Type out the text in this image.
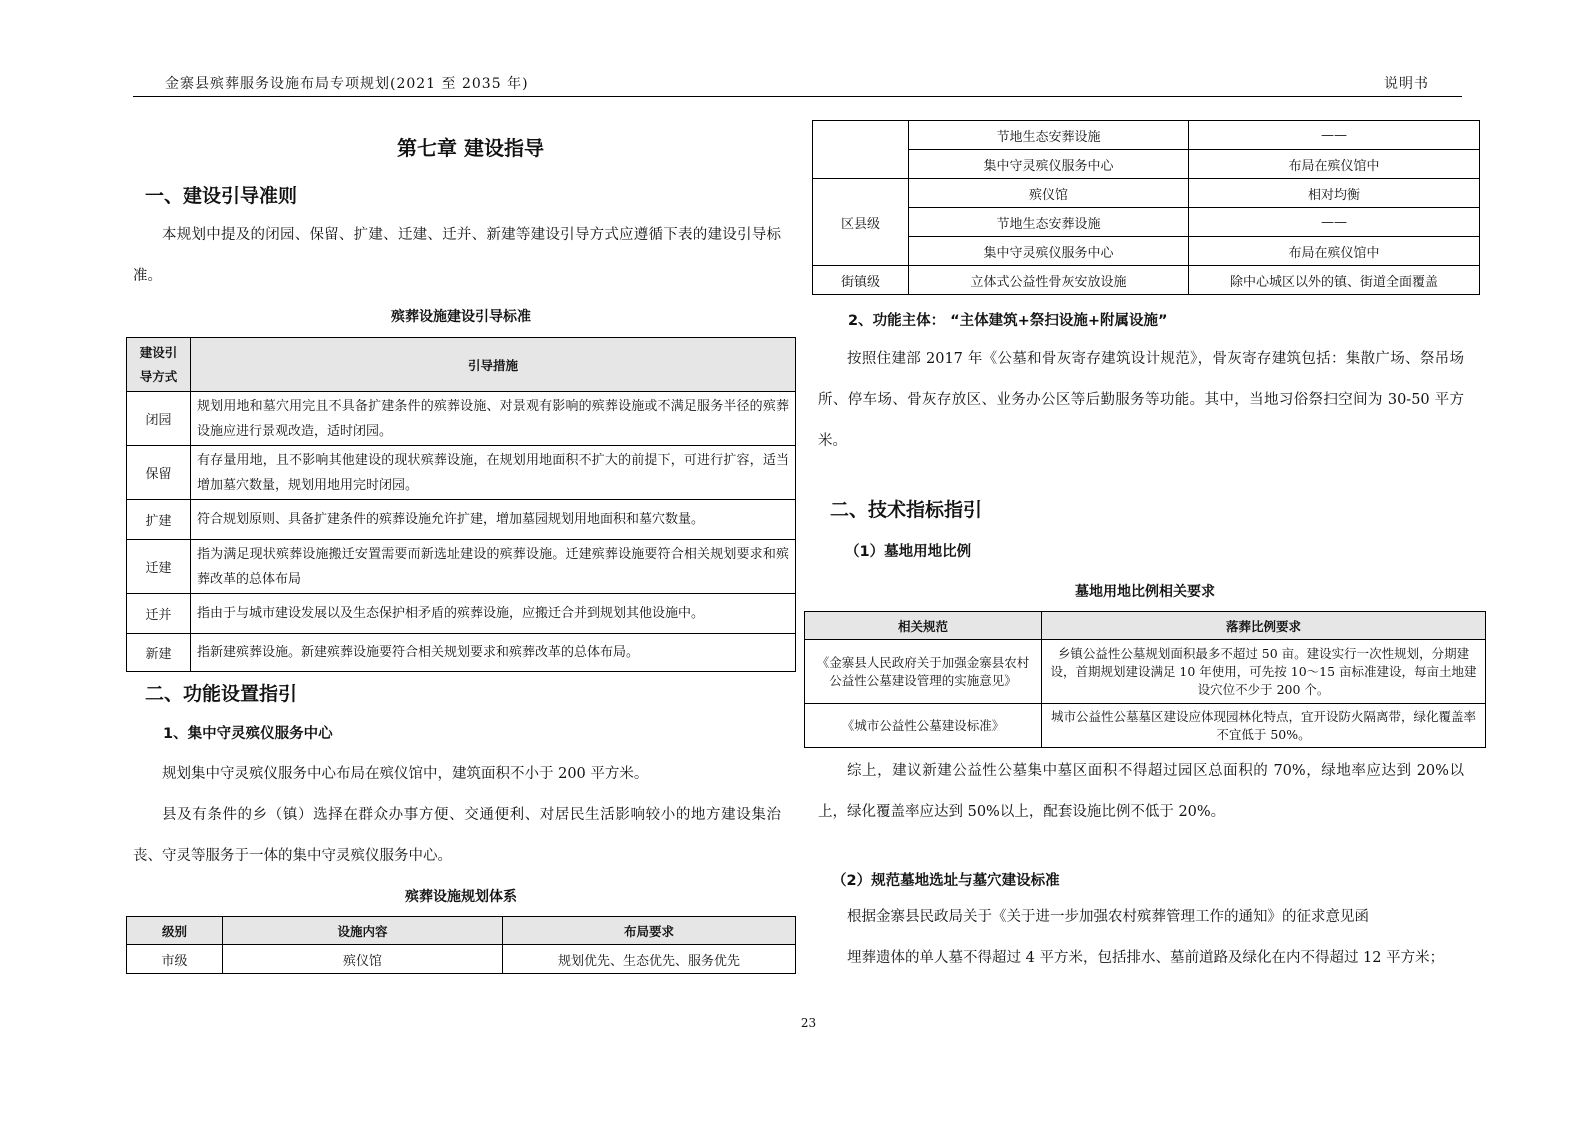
金寨县殡葬服务设施布局专项规划(2021 至 2035 年)	说明书
第七章 建设指导
一、建设引导准则
本规划中提及的闭园、保留、扩建、迁建、迁并、新建等建设引导方式应遵循下表的建设引导标准。
殡葬设施建设引导标准
建设引
导方式	引导措施
闭园	规划用地和墓穴用完且不具备扩建条件的殡葬设施、对景观有影响的殡葬设施或不满足服务半径的殡葬设施应进行景观改造，适时闭园。
保留	有存量用地，且不影响其他建设的现状殡葬设施，在规划用地面积不扩大的前提下，可进行扩容，适当增加墓穴数量，规划用地用完时闭园。
扩建	符合规划原则、具备扩建条件的殡葬设施允许扩建，增加墓园规划用地面积和墓穴数量。
迁建	指为满足现状殡葬设施搬迁安置需要而新选址建设的殡葬设施。迁建殡葬设施要符合相关规划要求和殡葬改革的总体布局
迁并	指由于与城市建设发展以及生态保护相矛盾的殡葬设施，应搬迁合并到规划其他设施中。
新建	指新建殡葬设施。新建殡葬设施要符合相关规划要求和殡葬改革的总体布局。
二、功能设置指引
1、集中守灵殡仪服务中心
规划集中守灵殡仪服务中心布局在殡仪馆中，建筑面积不小于 200 平方米。
县及有条件的乡（镇）选择在群众办事方便、交通便利、对居民生活影响较小的地方建设集治丧、守灵等服务于一体的集中守灵殡仪服务中心。
殡葬设施规划体系
级别	设施内容	布局要求
市级	殡仪馆	规划优先、生态优先、服务优先
	节地生态安葬设施	——
	集中守灵殡仪服务中心	布局在殡仪馆中
区县级	殡仪馆	相对均衡
	节地生态安葬设施	——
	集中守灵殡仪服务中心	布局在殡仪馆中
街镇级	立体式公益性骨灰安放设施	除中心城区以外的镇、街道全面覆盖
2、功能主体： “主体建筑+祭扫设施+附属设施”
按照住建部 2017 年《公墓和骨灰寄存建筑设计规范》，骨灰寄存建筑包括：集散广场、祭吊场所、停车场、骨灰存放区、业务办公区等后勤服务等功能。其中，当地习俗祭扫空间为 30-50 平方米。
二、技术指标指引
（1）墓地用地比例
墓地用地比例相关要求
相关规范	落葬比例要求
《金寨县人民政府关于加强金寨县农村公益性公墓建设管理的实施意见》	乡镇公益性公墓规划面积最多不超过 50 亩。建设实行一次性规划，分期建设，首期规划建设满足 10 年使用，可先按 10～15 亩标准建设，每亩土地建设穴位不少于 200 个。
《城市公益性公墓建设标准》	城市公益性公墓墓区建设应体现园林化特点，宜开设防火隔离带，绿化覆盖率不宜低于 50%。
综上，建议新建公益性公墓集中墓区面积不得超过园区总面积的 70%，绿地率应达到 20%以上，绿化覆盖率应达到 50%以上，配套设施比例不低于 20%。
（2）规范墓地选址与墓穴建设标准
根据金寨县民政局关于《关于进一步加强农村殡葬管理工作的通知》的征求意见函
埋葬遗体的单人墓不得超过 4 平方米，包括排水、墓前道路及绿化在内不得超过 12 平方米；
23
